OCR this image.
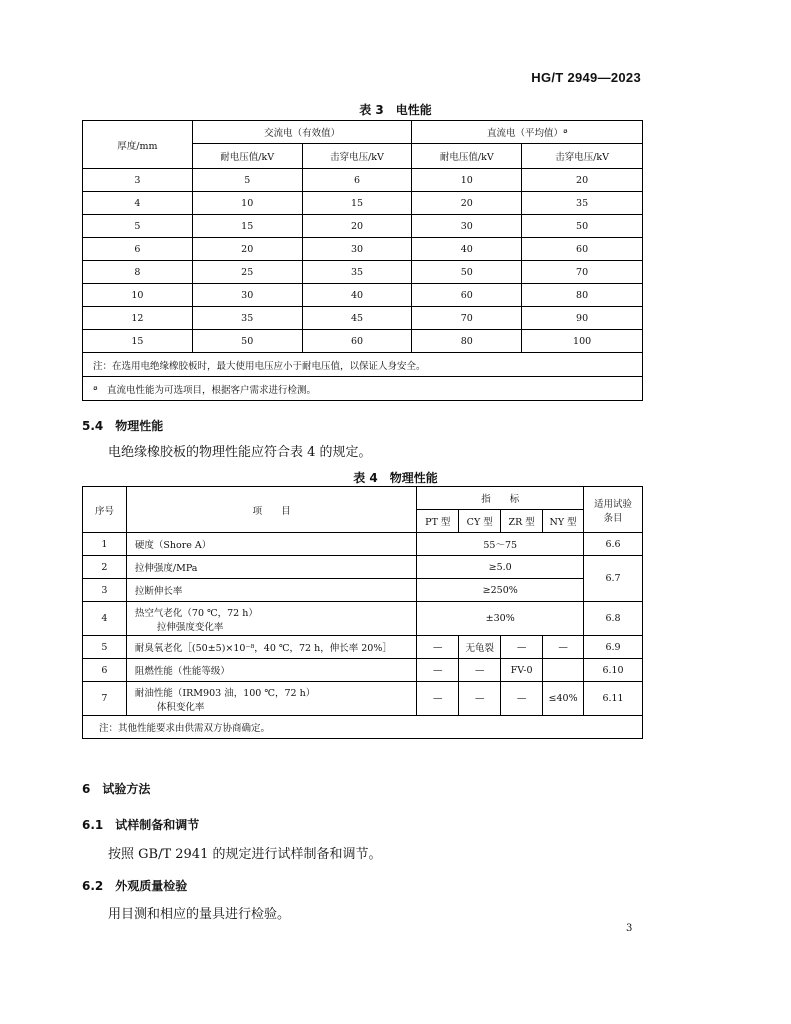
HG/T 2949—2023
表 3　电性能
厚度/mm	交流电（有效值）		直流电（平均值）ª	
	耐电压值/kV	击穿电压/kV	耐电压值/kV	击穿电压/kV
3	5	6	10	20
4	10	15	20	35
5	15	20	30	50
6	20	30	40	60
8	25	35	50	70
10	30	40	60	80
12	35	45	70	90
15	50	60	80	100
注：在选用电绝缘橡胶板时，最大使用电压应小于耐电压值，以保证人身安全。				
ª　直流电性能为可选项目，根据客户需求进行检测。				
5.4　物理性能
电绝缘橡胶板的物理性能应符合表 4 的规定。
表 4　物理性能
序号	项　　目	指　　标				适用试验条目
		PT 型	CY 型	ZR 型	NY 型	
1	硬度（Shore A）	55～75				6.6
2	拉伸强度/MPa	≥5.0				6.7
3	拉断伸长率	≥250%				
4	热空气老化（70 ℃，72 h）
拉伸强度变化率	±30%				6.8
5	耐臭氧老化［(50±5)×10⁻⁸，40 ℃，72 h，伸长率 20%］	—	无龟裂	—	—	6.9
6	阻燃性能（性能等级）	—	—	FV-0		6.10
7	耐油性能（IRM903 油，100 ℃，72 h）
体积变化率	—	—	—	≤40%	6.11
注：其他性能要求由供需双方协商确定。						
6　试验方法
6.1　试样制备和调节
按照 GB/T 2941 的规定进行试样制备和调节。
6.2　外观质量检验
用目测和相应的量具进行检验。
3
